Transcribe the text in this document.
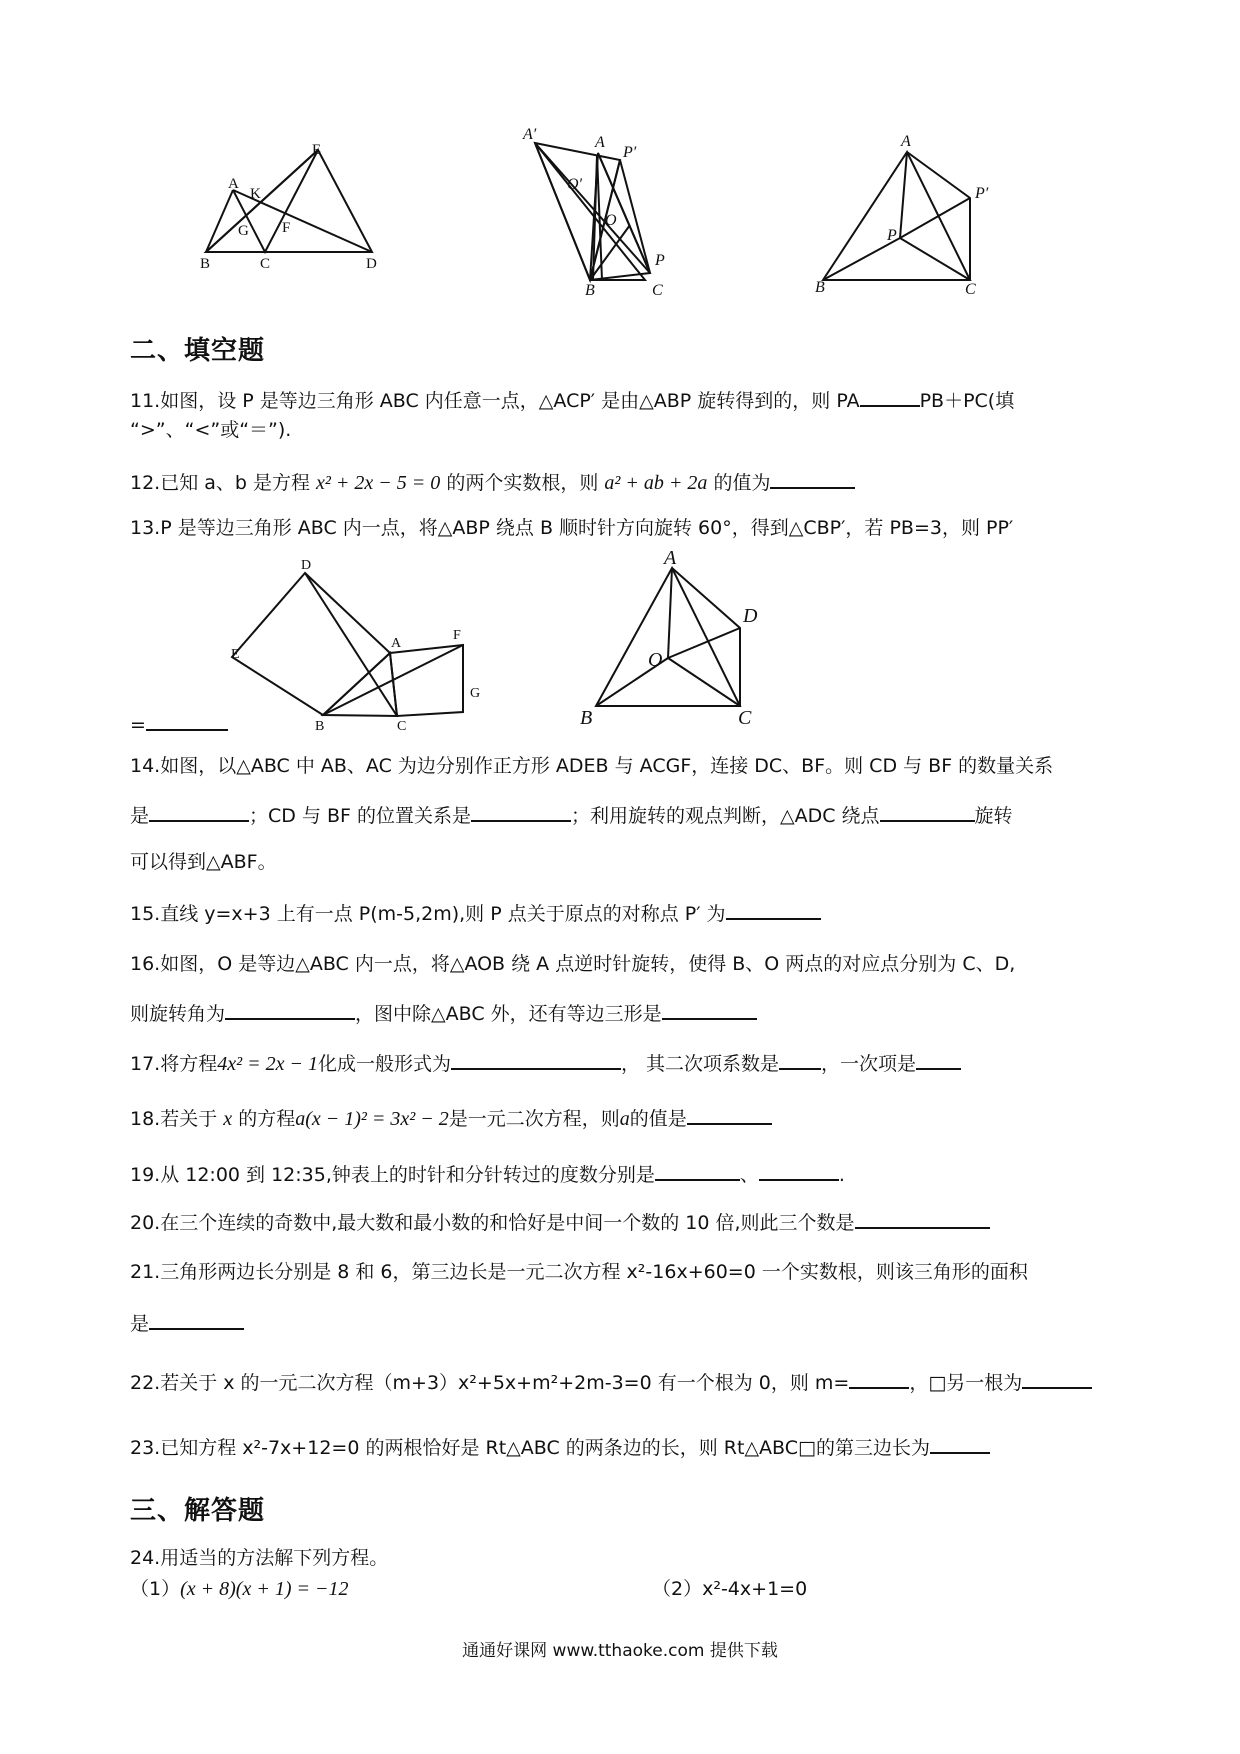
E
A
K
G F
B	C	D
A′
P′
A
O′
O
P
B	C
A
P′
P
B	C
二、填空题
11.如图，设 P 是等边三角形 ABC 内任意一点，△ACP′ 是由△ABP 旋转得到的，则 PA	PB＋PC(填
“>”、“<”或“＝”).
12.已知 a、b 是方程 x² + 2x − 5 = 0 的两个实数根，则 a² + ab + 2a 的值为
13.P 是等边三角形 ABC 内一点，将△ABP 绕点 B 顺时针方向旋转 60°，得到△CBP′，若 PB=3，则 PP′
D
A
F
E
G
B	C
A
D
O
B	C
=
14.如图，以△ABC 中 AB、AC 为边分别作正方形 ADEB 与 ACGF，连接 DC、BF。则 CD 与 BF 的数量关系
是	；CD 与 BF 的位置关系是	；利用旋转的观点判断，△ADC 绕点	旋转
可以得到△ABF。
15.直线 y=x+3 上有一点 P(m-5,2m),则 P 点关于原点的对称点 P′ 为
16.如图，O 是等边△ABC 内一点，将△AOB 绕 A 点逆时针旋转，使得 B、O 两点的对应点分别为 C、D,
则旋转角为	，图中除△ABC 外，还有等边三形是
17.将方程4x² = 2x − 1化成一般形式为	， 其二次项系数是 ，一次项是
18.若关于 x 的方程a(x − 1)² = 3x² − 2是一元二次方程，则a的值是
19.从 12:00 到 12:35,钟表上的时针和分针转过的度数分别是	、	.
20.在三个连续的奇数中,最大数和最小数的和恰好是中间一个数的 10 倍,则此三个数是
21.三角形两边长分别是 8 和 6，第三边长是一元二次方程 x²-16x+60=0 一个实数根，则该三角形的面积
是
22.若关于 x 的一元二次方程（m+3）x²+5x+m²+2m-3=0 有一个根为 0，则 m=	，□另一根为
23.已知方程 x²-7x+12=0 的两根恰好是 Rt△ABC 的两条边的长，则 Rt△ABC□的第三边长为
三、解答题
24.用适当的方法解下列方程。
（1）(x + 8)(x + 1) = −12	（2）x²-4x+1=0
通通好课网 www.tthaoke.com 提供下载
